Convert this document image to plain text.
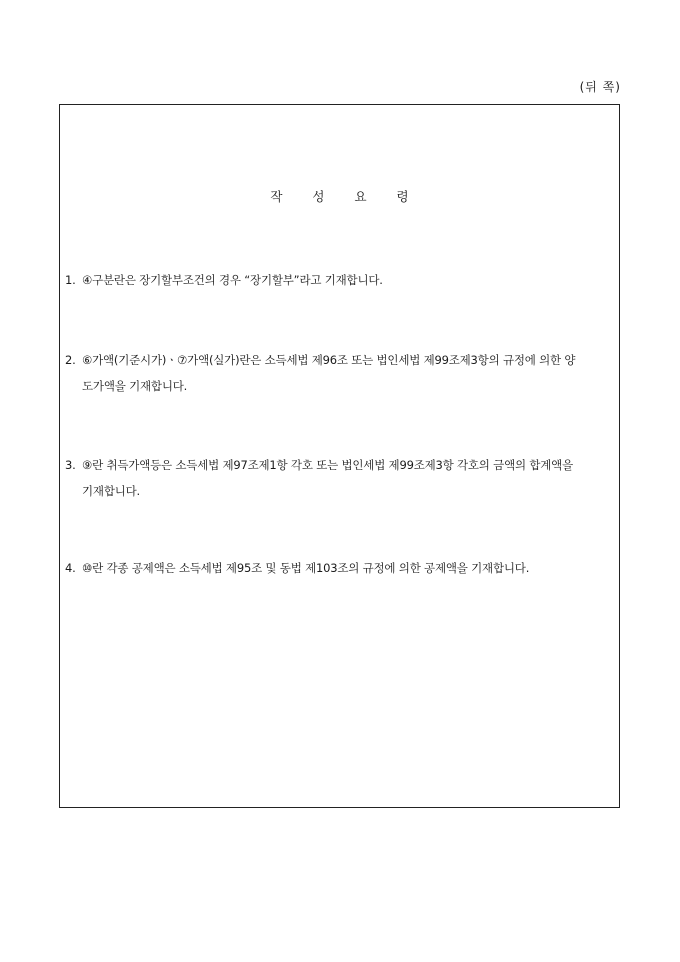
(뒤 쪽)
작 성 요 령
1. ④구분란은 장기할부조건의 경우 “장기할부”라고 기재합니다.
2. ⑥가액(기준시가)ㆍ⑦가액(실가)란은 소득세법 제96조 또는 법인세법 제99조제3항의 규정에 의한 양
도가액을 기재합니다.
3. ⑨란 취득가액등은 소득세법 제97조제1항 각호 또는 법인세법 제99조제3항 각호의 금액의 합계액을
기재합니다.
4. ⑩란 각종 공제액은 소득세법 제95조 및 동법 제103조의 규정에 의한 공제액을 기재합니다.
